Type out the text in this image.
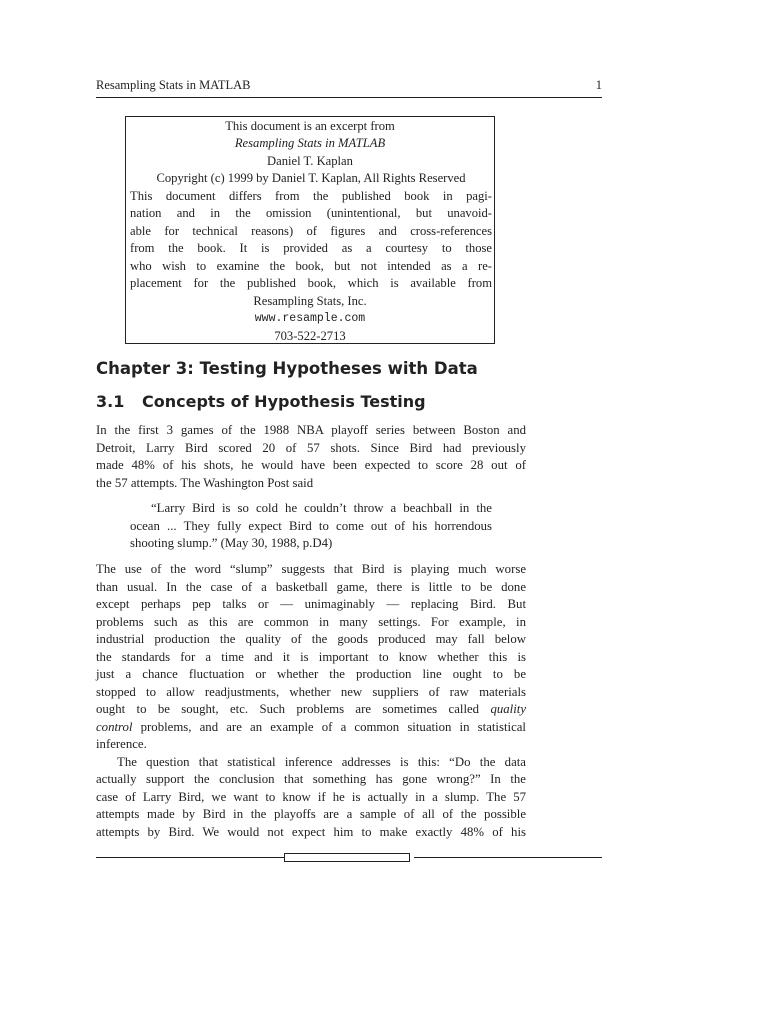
Resampling Stats in MATLAB	1
This document is an excerpt from
Resampling Stats in MATLAB
Daniel T. Kaplan
Copyright (c) 1999 by Daniel T. Kaplan, All Rights Reserved
This document differs from the published book in pagi-
nation and in the omission (unintentional, but unavoid-
able for technical reasons) of figures and cross-references
from the book. It is provided as a courtesy to those
who wish to examine the book, but not intended as a re-
placement for the published book, which is available from
Resampling Stats, Inc.
www.resample.com
703-522-2713
Chapter 3: Testing Hypotheses with Data
3.1 Concepts of Hypothesis Testing
In the first 3 games of the 1988 NBA playoff series between Boston and
Detroit, Larry Bird scored 20 of 57 shots. Since Bird had previously
made 48% of his shots, he would have been expected to score 28 out of
the 57 attempts. The Washington Post said
“Larry Bird is so cold he couldn’t throw a beachball in the
ocean ... They fully expect Bird to come out of his horrendous
shooting slump.” (May 30, 1988, p.D4)
The use of the word “slump” suggests that Bird is playing much worse
than usual. In the case of a basketball game, there is little to be done
except perhaps pep talks or — unimaginably — replacing Bird. But
problems such as this are common in many settings. For example, in
industrial production the quality of the goods produced may fall below
the standards for a time and it is important to know whether this is
just a chance fluctuation or whether the production line ought to be
stopped to allow readjustments, whether new suppliers of raw materials
ought to be sought, etc. Such problems are sometimes called quality
control problems, and are an example of a common situation in statistical
inference.
The question that statistical inference addresses is this: “Do the data
actually support the conclusion that something has gone wrong?” In the
case of Larry Bird, we want to know if he is actually in a slump. The 57
attempts made by Bird in the playoffs are a sample of all of the possible
attempts by Bird. We would not expect him to make exactly 48% of his
